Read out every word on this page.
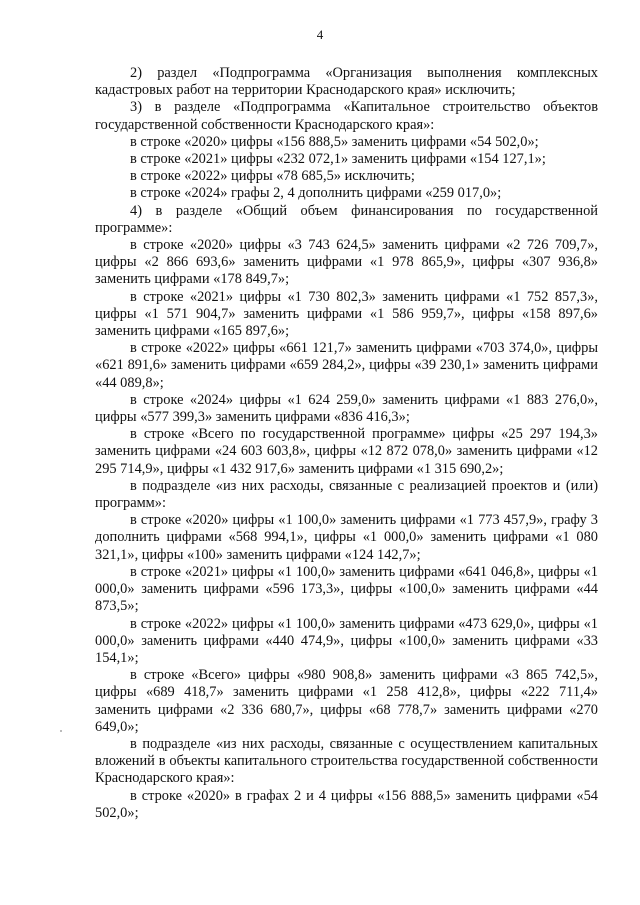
4

2) раздел «Подпрограмма «Организация выполнения комплексных кадастровых работ на территории Краснодарского края» исключить;

3) в разделе «Подпрограмма «Капитальное строительство объектов государственной собственности Краснодарского края»:

в строке «2020» цифры «156 888,5» заменить цифрами «54 502,0»;

в строке «2021» цифры «232 072,1» заменить цифрами «154 127,1»;

в строке «2022» цифры «78 685,5» исключить;

в строке «2024» графы 2, 4 дополнить цифрами «259 017,0»;

4) в разделе «Общий объем финансирования по государственной программе»:

в строке «2020» цифры «3 743 624,5» заменить цифрами «2 726 709,7», цифры «2 866 693,6» заменить цифрами «1 978 865,9», цифры «307 936,8» заменить цифрами «178 849,7»;

в строке «2021» цифры «1 730 802,3» заменить цифрами «1 752 857,3», цифры «1 571 904,7» заменить цифрами «1 586 959,7», цифры «158 897,6» заменить цифрами «165 897,6»;

в строке «2022» цифры «661 121,7» заменить цифрами «703 374,0», цифры «621 891,6» заменить цифрами «659 284,2», цифры «39 230,1» заменить цифрами «44 089,8»;

в строке «2024» цифры «1 624 259,0» заменить цифрами «1 883 276,0», цифры «577 399,3» заменить цифрами «836 416,3»;

в строке «Всего по государственной программе» цифры «25 297 194,3» заменить цифрами «24 603 603,8», цифры «12 872 078,0» заменить цифрами «12 295 714,9», цифры «1 432 917,6» заменить цифрами «1 315 690,2»;

в подразделе «из них расходы, связанные с реализацией проектов и (или) программ»:

в строке «2020» цифры «1 100,0» заменить цифрами «1 773 457,9», графу 3 дополнить цифрами «568 994,1», цифры «1 000,0» заменить цифрами «1 080 321,1», цифры «100» заменить цифрами «124 142,7»;

в строке «2021» цифры «1 100,0» заменить цифрами «641 046,8», цифры «1 000,0» заменить цифрами «596 173,3», цифры «100,0» заменить цифрами «44 873,5»;

в строке «2022» цифры «1 100,0» заменить цифрами «473 629,0», цифры «1 000,0» заменить цифрами «440 474,9», цифры «100,0» заменить цифрами «33 154,1»;

в строке «Всего» цифры «980 908,8» заменить цифрами «3 865 742,5», цифры «689 418,7» заменить цифрами «1 258 412,8», цифры «222 711,4» заменить цифрами «2 336 680,7», цифры «68 778,7» заменить цифрами «270 649,0»;

в подразделе «из них расходы, связанные с осуществлением капитальных вложений в объекты капитального строительства государственной собственности Краснодарского края»:

в строке «2020» в графах 2 и 4 цифры «156 888,5» заменить цифрами «54 502,0»;
